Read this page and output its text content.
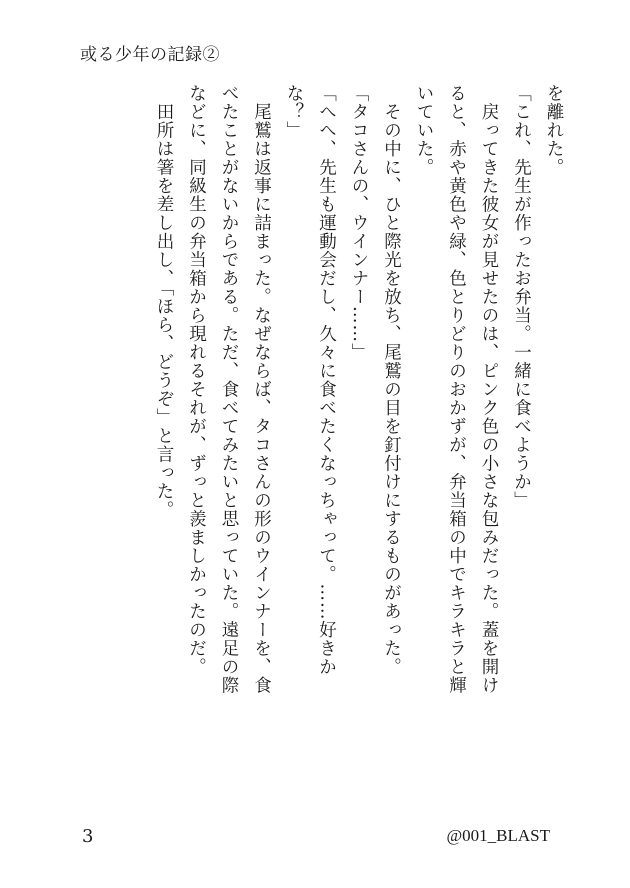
或る少年の記録②
を離れた。
「これ、先生が作ったお弁当。一緒に食べようか」
　戻ってきた彼女が見せたのは、ピンク色の小さな包みだった。蓋を開け
ると、赤や黄色や緑、色とりどりのおかずが、弁当箱の中でキラキラと輝
いていた。
　その中に、ひと際光を放ち、尾鷲の目を釘付けにするものがあった。
「タコさんの、ウインナー……」
「へへ、先生も運動会だし、久々に食べたくなっちゃって。……好きか
な？」
　尾鷲は返事に詰まった。なぜならば、タコさんの形のウインナーを、食
べたことがないからである。ただ、食べてみたいと思っていた。遠足の際
などに、同級生の弁当箱から現れるそれが、ずっと羨ましかったのだ。
　田所は箸を差し出し、「ほら、どうぞ」と言った。
3	@001_BLAST
